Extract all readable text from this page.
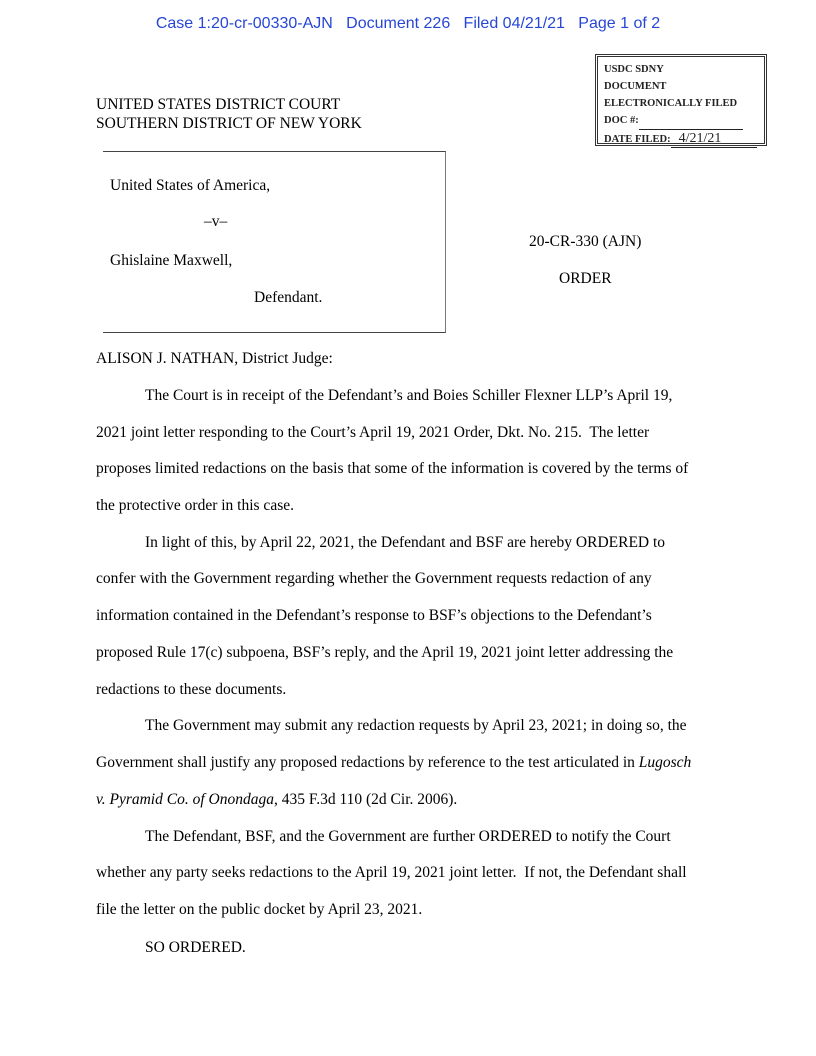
Case 1:20-cr-00330-AJN   Document 226   Filed 04/21/21   Page 1 of 2
USDC SDNY
DOCUMENT
ELECTRONICALLY FILED
DOC #:
DATE FILED: 4/21/21
UNITED STATES DISTRICT COURT
SOUTHERN DISTRICT OF NEW YORK
United States of America,
–v–
Ghislaine Maxwell,
Defendant.
20-CR-330 (AJN)
ORDER
ALISON J. NATHAN, District Judge:
The Court is in receipt of the Defendant’s and Boies Schiller Flexner LLP’s April 19,
2021 joint letter responding to the Court’s April 19, 2021 Order, Dkt. No. 215.  The letter
proposes limited redactions on the basis that some of the information is covered by the terms of
the protective order in this case.
In light of this, by April 22, 2021, the Defendant and BSF are hereby ORDERED to
confer with the Government regarding whether the Government requests redaction of any
information contained in the Defendant’s response to BSF’s objections to the Defendant’s
proposed Rule 17(c) subpoena, BSF’s reply, and the April 19, 2021 joint letter addressing the
redactions to these documents.
The Government may submit any redaction requests by April 23, 2021; in doing so, the
Government shall justify any proposed redactions by reference to the test articulated in Lugosch
v. Pyramid Co. of Onondaga, 435 F.3d 110 (2d Cir. 2006).
The Defendant, BSF, and the Government are further ORDERED to notify the Court
whether any party seeks redactions to the April 19, 2021 joint letter.  If not, the Defendant shall
file the letter on the public docket by April 23, 2021.
SO ORDERED.
